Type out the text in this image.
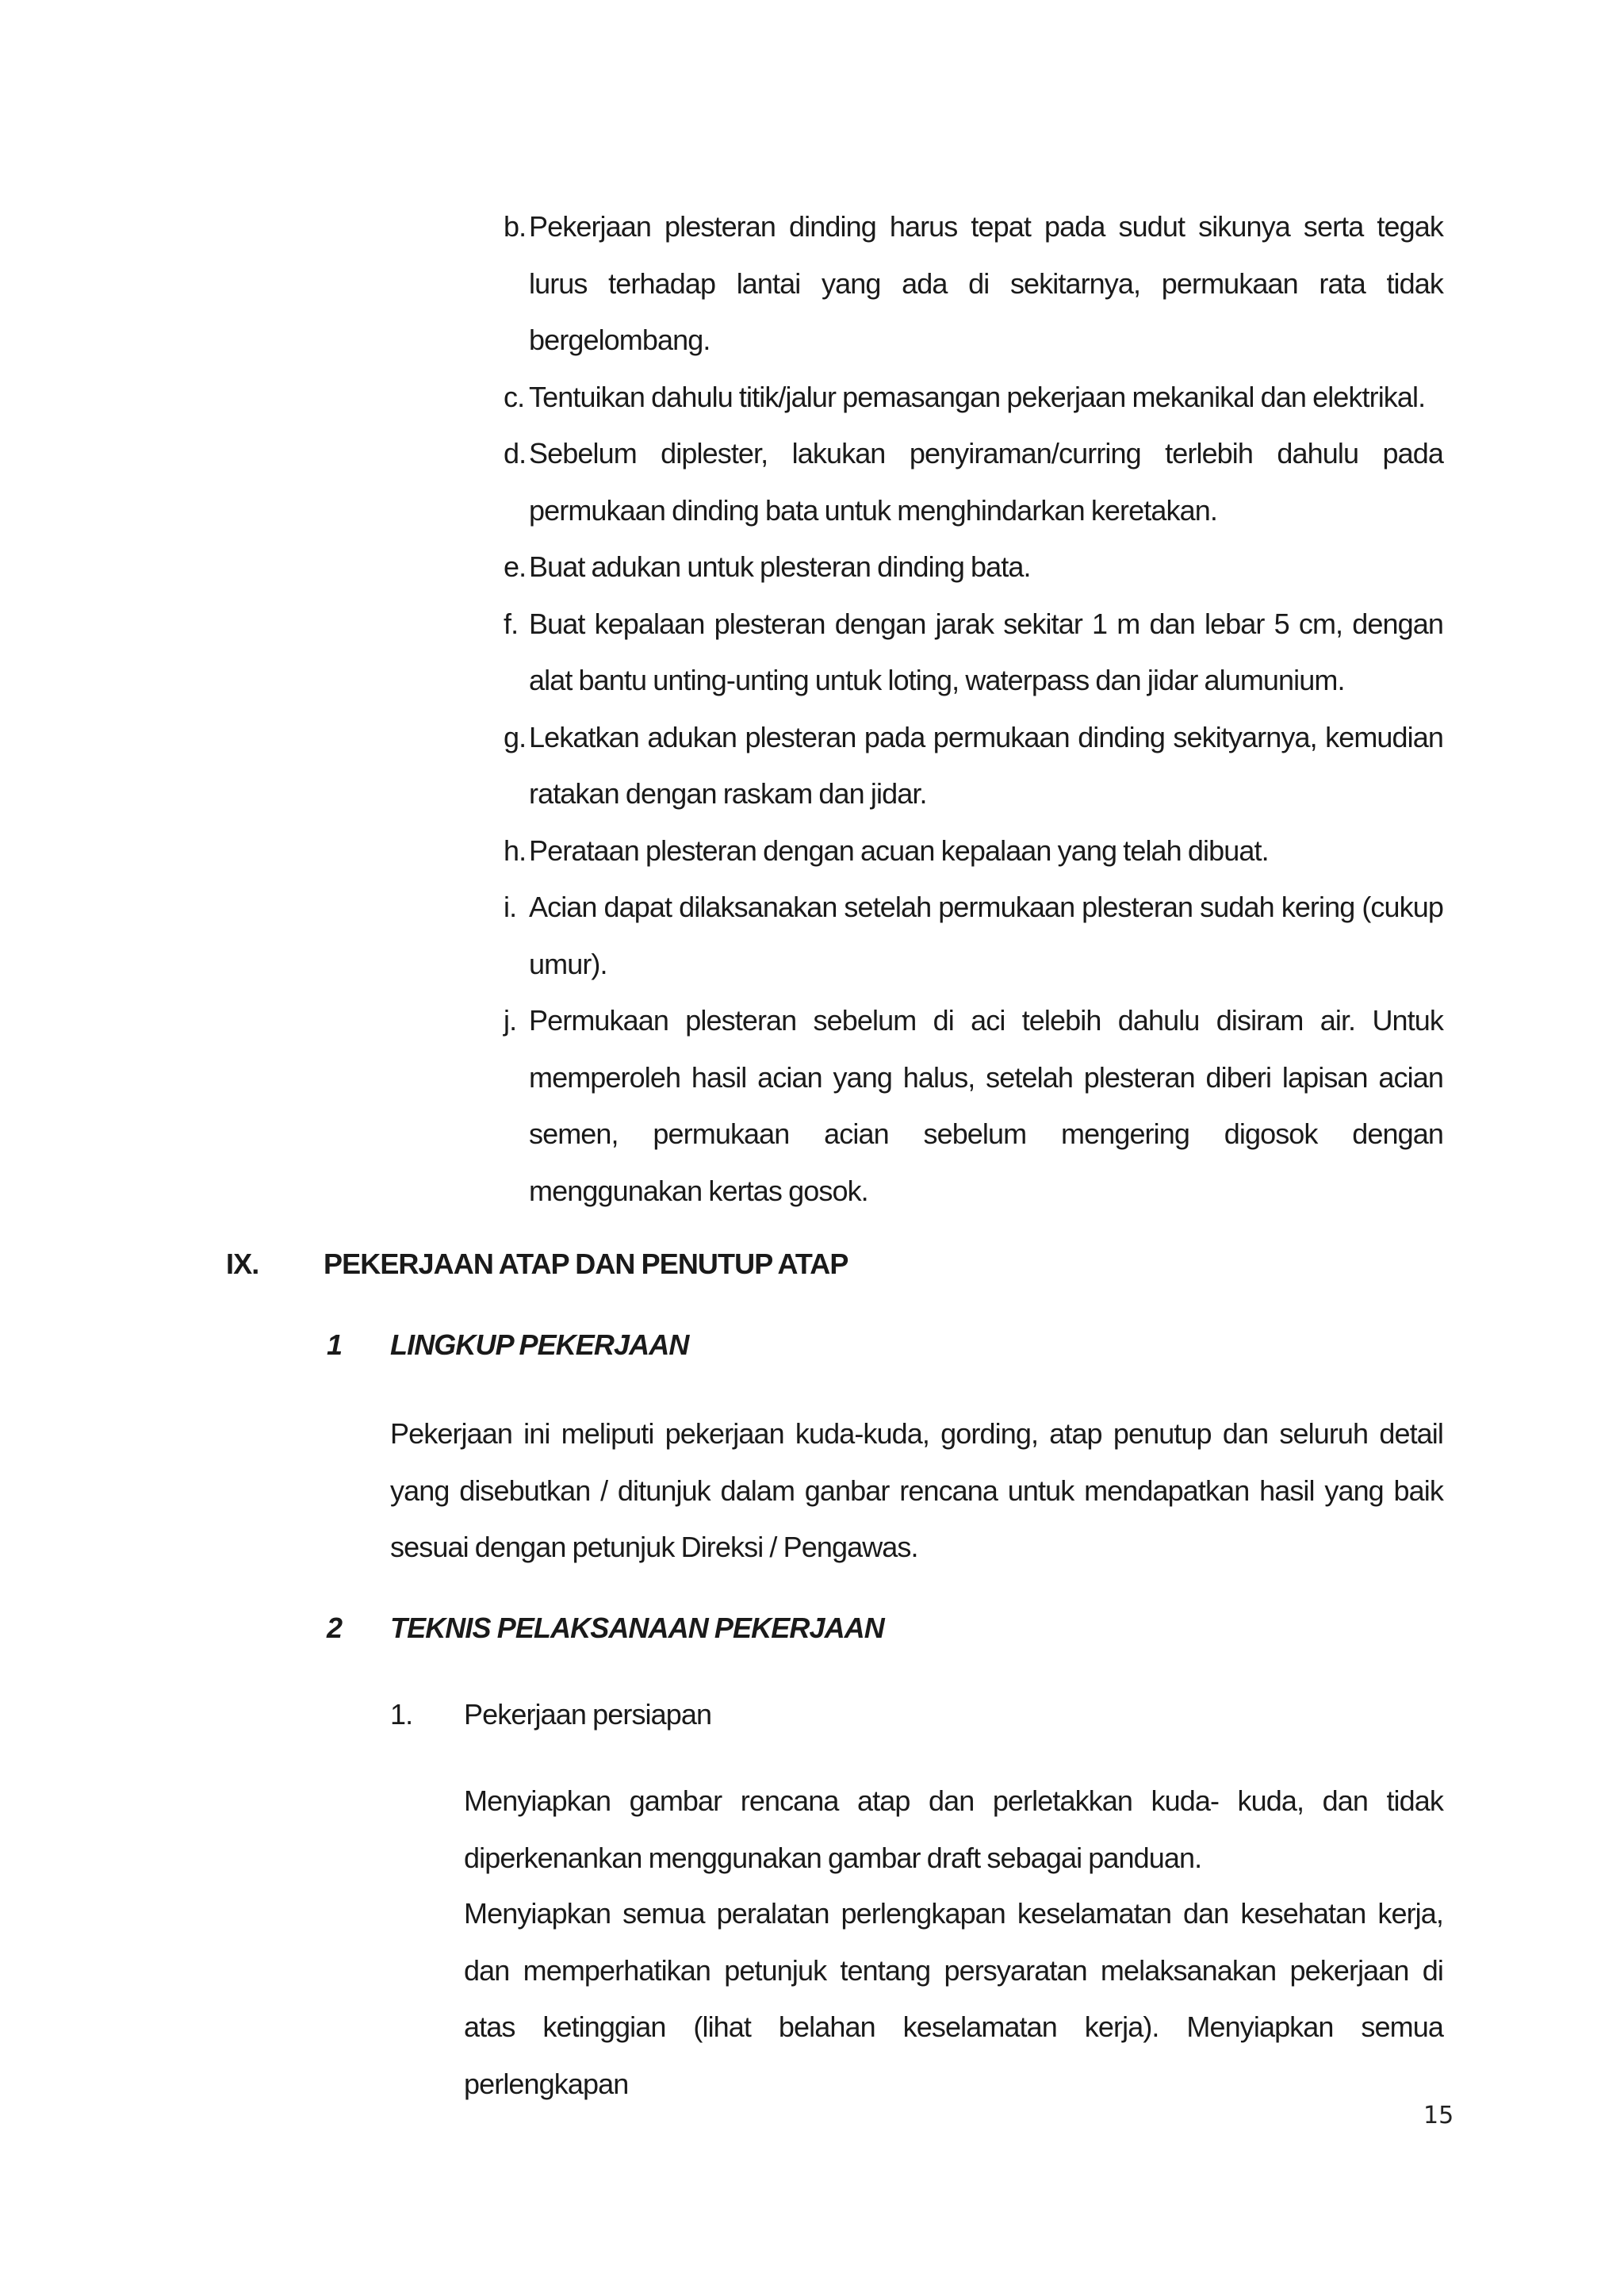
b. Pekerjaan plesteran dinding harus tepat pada sudut sikunya serta tegak lurus terhadap lantai yang ada di sekitarnya, permukaan rata tidak bergelombang.
c. Tentuikan dahulu titik/jalur pemasangan pekerjaan mekanikal dan elektrikal.
d. Sebelum diplester, lakukan penyiraman/curring terlebih dahulu pada permukaan dinding bata untuk menghindarkan keretakan.
e. Buat adukan untuk plesteran dinding bata.
f. Buat kepalaan plesteran dengan jarak sekitar 1 m dan lebar 5 cm, dengan alat bantu unting-unting untuk loting, waterpass dan jidar alumunium.
g. Lekatkan adukan plesteran pada permukaan dinding sekityarnya, kemudian ratakan dengan raskam dan jidar.
h. Perataan plesteran dengan acuan kepalaan yang telah dibuat.
i. Acian dapat dilaksanakan setelah permukaan plesteran sudah kering (cukup umur).
j. Permukaan plesteran sebelum di aci telebih dahulu disiram air. Untuk memperoleh hasil acian yang halus, setelah plesteran diberi lapisan acian semen, permukaan acian sebelum mengering digosok dengan menggunakan kertas gosok.
IX. PEKERJAAN ATAP DAN PENUTUP ATAP
1 LINGKUP PEKERJAAN

Pekerjaan ini meliputi pekerjaan kuda-kuda, gording, atap penutup dan seluruh detail yang disebutkan / ditunjuk dalam ganbar rencana untuk mendapatkan hasil yang baik sesuai dengan petunjuk Direksi / Pengawas.

2 TEKNIS PELAKSANAAN PEKERJAAN
1. Pekerjaan persiapan

Menyiapkan gambar rencana atap dan perletakkan kuda- kuda, dan tidak diperkenankan menggunakan gambar draft sebagai panduan.

Menyiapkan semua peralatan perlengkapan keselamatan dan kesehatan kerja, dan memperhatikan petunjuk tentang persyaratan melaksanakan pekerjaan di atas ketinggian (lihat belahan keselamatan kerja). Menyiapkan semua perlengkapan

15
